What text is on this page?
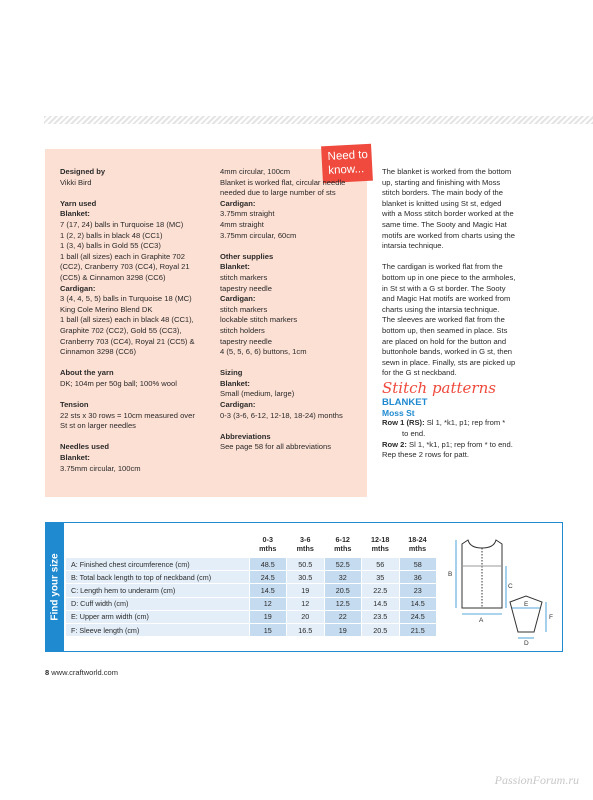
Need to
know...

Designed by

Vikki Bird

Yarn used

Blanket:

7 (17, 24) balls in Turquoise 18 (MC)

1 (2, 2) balls in black 48 (CC1)

1 (3, 4) balls in Gold 55 (CC3)

1 ball (all sizes) each in Graphite 702

(CC2), Cranberry 703 (CC4), Royal 21

(CC5) & Cinnamon 3298 (CC6)

Cardigan:

3 (4, 4, 5, 5) balls in Turquoise 18 (MC)

King Cole Merino Blend DK

1 ball (all sizes) each in black 48 (CC1),

Graphite 702 (CC2), Gold 55 (CC3),

Cranberry 703 (CC4), Royal 21 (CC5) &

Cinnamon 3298 (CC6)

About the yarn

DK; 104m per 50g ball; 100% wool

Tension

22 sts x 30 rows = 10cm measured over

St st on larger needles

Needles used

Blanket:

3.75mm circular, 100cm

4mm circular, 100cm

Blanket is worked flat, circular needle

needed due to large number of sts

Cardigan:

3.75mm straight

4mm straight

3.75mm circular, 60cm

Other supplies

Blanket:

stitch markers

tapestry needle

Cardigan:

stitch markers

lockable stitch markers

stitch holders

tapestry needle

4 (5, 5, 6, 6) buttons, 1cm

Sizing

Blanket:

Small (medium, large)

Cardigan:

0-3 (3-6, 6-12, 12-18, 18-24) months

Abbreviations

See page 58 for all abbreviations

The blanket is worked from the bottom

up, starting and finishing with Moss

stitch borders. The main body of the

blanket is knitted using St st, edged

with a Moss stitch border worked at the

same time. The Sooty and Magic Hat

motifs are worked from charts using the

intarsia technique.

The cardigan is worked flat from the

bottom up in one piece to the armholes,

in St st with a G st border. The Sooty

and Magic Hat motifs are worked from

charts using the intarsia technique.

The sleeves are worked flat from the

bottom up, then seamed in place. Sts

are placed on hold for the button and

buttonhole bands, worked in G st, then

sewn in place. Finally, sts are picked up

for the G st neckband.

Stitch patterns

BLANKET

Moss St

Row 1 (RS): Sl 1, *k1, p1; rep from *

to end.

Row 2: Sl 1, *k1, p1; rep from * to end.

Rep these 2 rows for patt.

Find your size
	0-3
mths	3-6
mths	6-12
mths	12-18
mths	18-24
mths
A: Finished chest circumference (cm)	48.5	50.5	52.5	56	58
B: Total back length to top of neckband (cm)	24.5	30.5	32	35	36
C: Length hem to underarm (cm)	14.5	19	20.5	22.5	23
D: Cuff width (cm)	12	12	12.5	14.5	14.5
E: Upper arm width (cm)	19	20	22	23.5	24.5
F: Sleeve length (cm)	15	16.5	19	20.5	21.5
B
C
A
E
F
D
8 www.craftworld.com
PassionForum.ru
